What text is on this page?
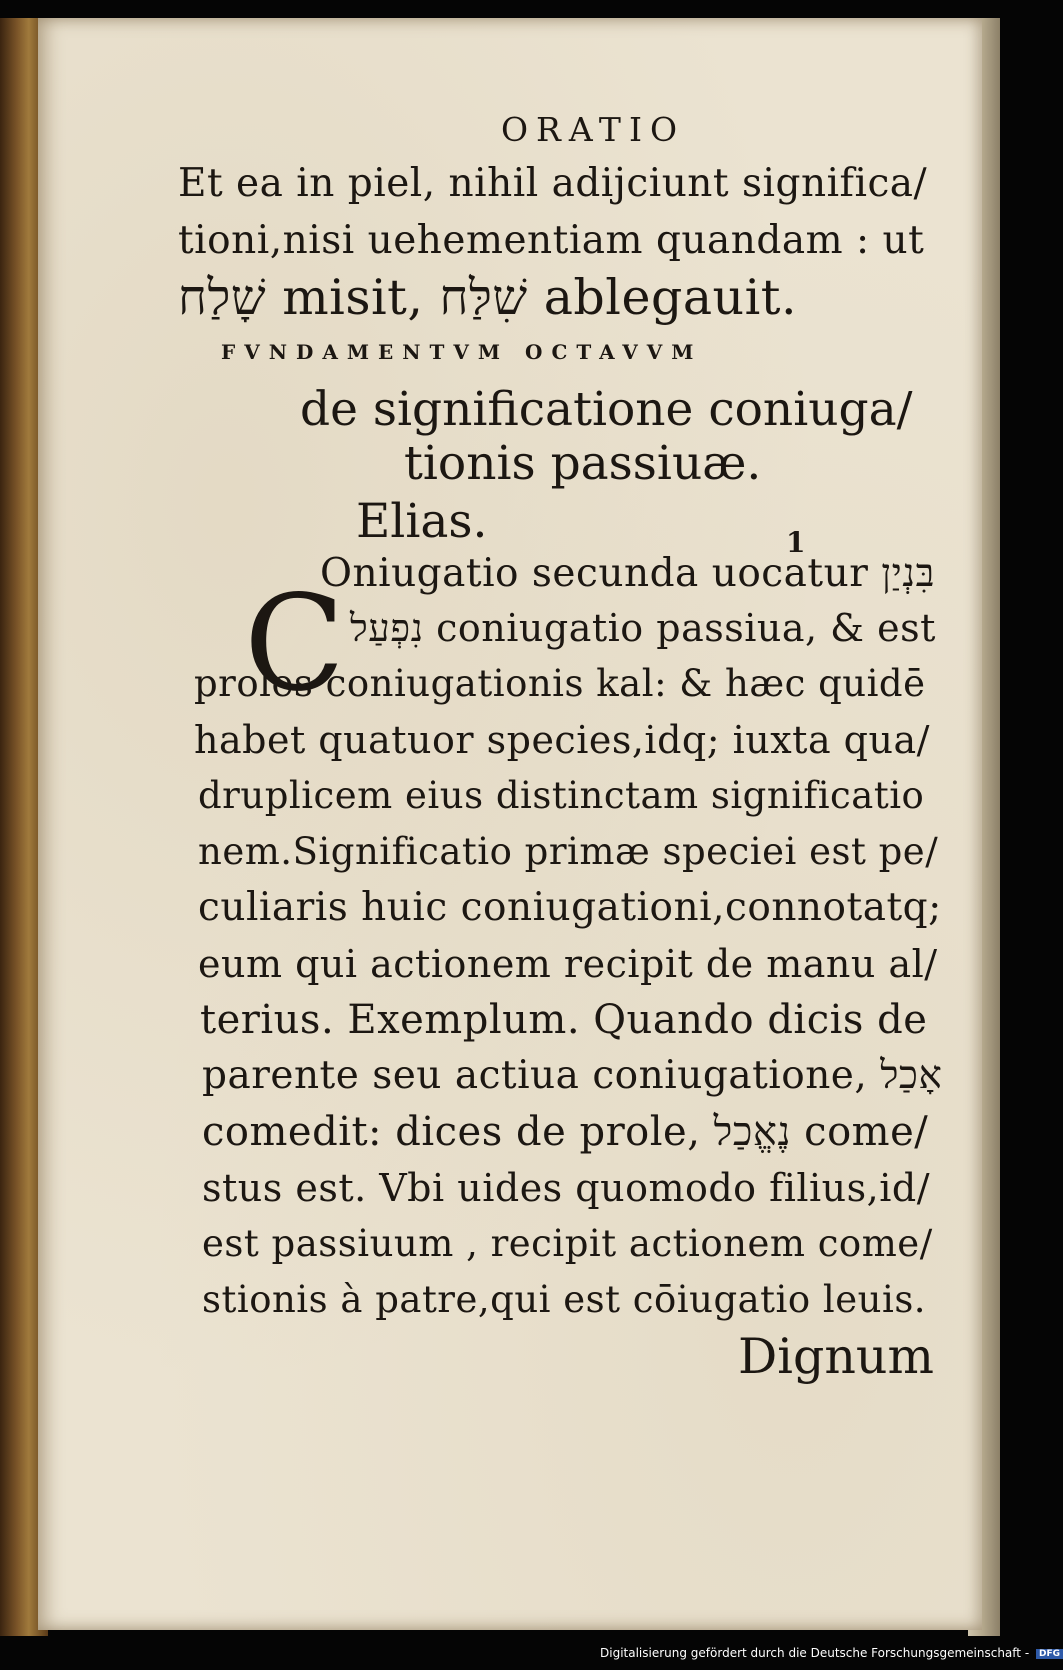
ORATIO
Et ea in piel, nihil adijciunt significa/
tioni,nisi uehementiam quandam : ut
שָׁלַח misit, שִׁלַּח ablegauit.
FVNDAMENTVM OCTAVVM
de significatione coniuga/
tionis passiuæ.
Elias.	1
C
Oniugatio secunda uocatur בִּנְיַן
נִפְעַל coniugatio passiua, & est
proles coniugationis kal: & hæc quidē
habet quatuor species,idq; iuxta qua/
druplicem eius distinctam significatio
nem.Significatio primæ speciei est pe/
culiaris huic coniugationi,connotatq;
eum qui actionem recipit de manu al/
terius. Exemplum. Quando dicis de
parente seu actiua coniugatione, אָכַל
comedit: dices de prole, נֶאֱכַל come/
stus est. Vbi uides quomodo filius,id/
est passiuum , recipit actionem come/
stionis à patre,qui est cōiugatio leuis.
Dignum
Digitalisierung gefördert durch die Deutsche Forschungsgemeinschaft - DFG
